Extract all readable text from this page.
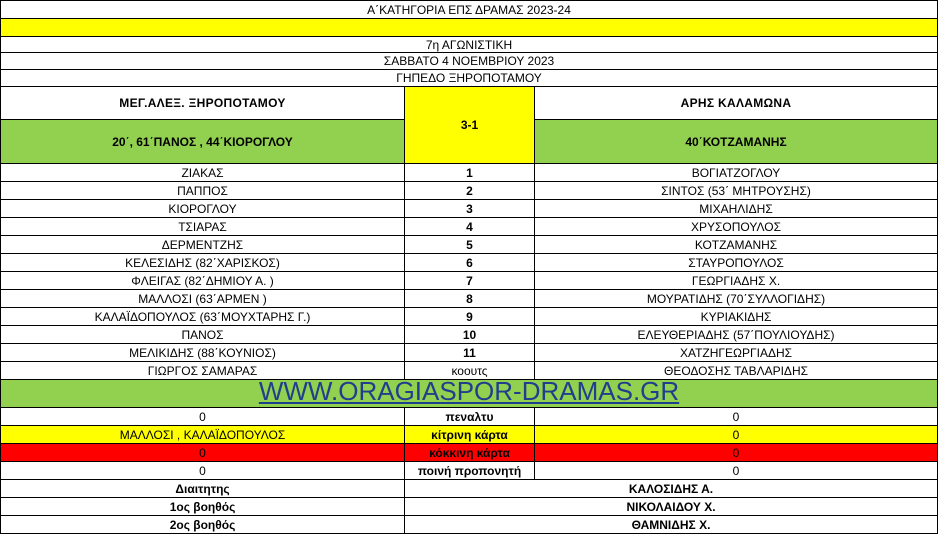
Α΄ΚΑΤΗΓΟΡΙΑ ΕΠΣ ΔΡΑΜΑΣ 2023-24		

7η ΑΓΩΝΙΣΤΙΚΗ		
ΣΑΒΒΑΤΟ 4 ΝΟΕΜΒΡΙΟΥ 2023		
ΓΗΠΕΔΟ ΞΗΡΟΠΟΤΑΜΟΥ		
ΜΕΓ.ΑΛΕΞ. ΞΗΡΟΠΟΤΑΜΟΥ	3-1	ΑΡΗΣ ΚΑΛΑΜΩΝΑ
20΄, 61΄ΠΑΝΟΣ , 44΄ΚΙΟΡΟΓΛΟΥ		40΄ΚΟΤΖΑΜΑΝΗΣ
ΖΙΑΚΑΣ	1	ΒΟΓΙΑΤΖΟΓΛΟΥ
ΠΑΠΠΟΣ	2	ΣΙΝΤΟΣ (53΄ ΜΗΤΡΟΥΣΗΣ)
ΚΙΟΡΟΓΛΟΥ	3	ΜΙΧΑΗΛΙΔΗΣ
ΤΣΙΑΡΑΣ	4	ΧΡΥΣΟΠΟΥΛΟΣ
ΔΕΡΜΕΝΤΖΗΣ	5	ΚΟΤΖΑΜΑΝΗΣ
ΚΕΛΕΣΙΔΗΣ (82΄ΧΑΡΙΣΚΟΣ)	6	ΣΤΑΥΡΟΠΟΥΛΟΣ
ΦΛΕΙΓΑΣ (82΄ΔΗΜΙΟΥ Α. )	7	ΓΕΩΡΓΙΑΔΗΣ Χ.
ΜΑΛΛΟΣΙ (63΄ΑΡΜΕΝ )	8	ΜΟΥΡΑΤΙΔΗΣ (70΄ΣΥΛΛΟΓΙΔΗΣ)
ΚΑΛΑΪΔΟΠΟΥΛΟΣ (63΄ΜΟΥΧΤΑΡΗΣ Γ.)	9	ΚΥΡΙΑΚΙΔΗΣ
ΠΑΝΟΣ	10	ΕΛΕΥΘΕΡΙΑΔΗΣ (57΄ΠΟΥΛΙΟΥΔΗΣ)
ΜΕΛΙΚΙΔΗΣ (88΄ΚΟΥΝΙΟΣ)	11	ΧΑΤΖΗΓΕΩΡΓΙΑΔΗΣ
ΓΙΩΡΓΟΣ ΣΑΜΑΡΑΣ	κοουτς	ΘΕΟΔΟΣΗΣ ΤΑΒΛΑΡΙΔΗΣ
WWW.ORAGIASPOR-DRAMAS.GR		
0	πεναλτυ	0
ΜΑΛΛΟΣΙ , ΚΑΛΑΪΔΟΠΟΥΛΟΣ	κίτρινη κάρτα	0
0	κόκκινη κάρτα	0
0	ποινή προπονητή	0
Διαιτητης	ΚΑΛΟΣΙΔΗΣ Α.	
1ος βοηθός	ΝΙΚΟΛΑΙΔΟΥ Χ.	
2ος βοηθός	ΘΑΜΝΙΔΗΣ Χ.	
